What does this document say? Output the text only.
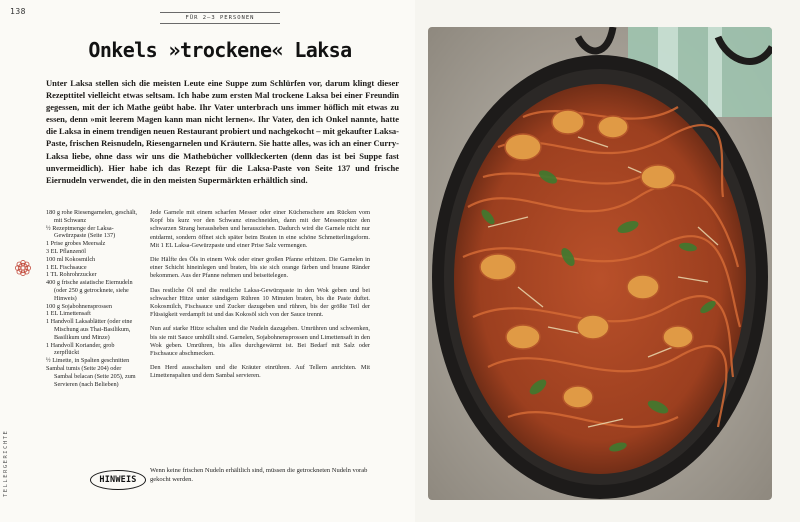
138
FÜR 2–3 PERSONEN
Onkels »trockene« Laksa

Unter Laksa stellen sich die meisten Leute eine Suppe zum Schlürfen vor, darum klingt dieser Rezepttitel vielleicht etwas seltsam. Ich habe zum ersten Mal trockene Laksa bei einer Freundin gegessen, mit der ich Mathe geübt habe. Ihr Vater unterbrach uns immer höflich mit etwas zu essen, denn »mit leerem Magen kann man nicht lernen«. Ihr Vater, den ich Onkel nannte, hatte die Laksa in einem trendigen neuen Restaurant probiert und nachgekocht – mit gekaufter Laksa-Paste, frischen Reisnudeln, Riesengarnelen und Kräutern. Sie hatte alles, was ich an einer Curry-Laksa liebe, ohne dass wir uns die Mathebücher vollkleckerten (denn das ist bei Suppe fast unvermeidlich). Hier habe ich das Rezept für die Laksa-Paste von Seite 137 und frische Eiernudeln verwendet, die in den meisten Supermärkten erhältlich sind.

180 g rohe Riesengarnelen, geschält, mit Schwanz
½ Rezeptmenge der Laksa-Gewürzpaste (Seite 137)
1 Prise grobes Meersalz
3 EL Pflanzenöl
100 ml Kokosmilch
1 EL Fischsauce
1 TL Rohrohrzucker
400 g frische asiatische Eiernudeln (oder 250 g getrocknete, siehe Hinweis)
100 g Sojabohnensprossen
1 EL Limettensaft
1 Handvoll Laksablätter (oder eine Mischung aus Thai-Basilikum, Basilikum und Minze)
1 Handvoll Koriander, grob zerpflückt
½ Limette, in Spalten geschnitten
Sambal tumis (Seite 204) oder Sambal belacan (Seite 205), zum Servieren (nach Belieben)

Jede Garnele mit einem scharfen Messer oder einer Küchenschere am Rücken vom Kopf bis kurz vor den Schwanz einschneiden, dann mit der Messerspitze den schwarzen Strang herausheben und herausziehen. Dadurch wird die Garnele nicht nur entdarmt, sondern öffnet sich später beim Braten in eine schöne Schmetterlingsform. Mit 1 EL Laksa-Gewürzpaste und einer Prise Salz vermengen.

Die Hälfte des Öls in einem Wok oder einer großen Pfanne erhitzen. Die Garnelen in einer Schicht hineinlegen und braten, bis sie sich orange färben und braune Ränder bekommen. Aus der Pfanne nehmen und beiseitelegen.

Das restliche Öl und die restliche Laksa-Gewürzpaste in den Wok geben und bei schwacher Hitze unter ständigem Rühren 10 Minuten braten, bis die Paste duftet. Kokosmilch, Fischsauce und Zucker dazugeben und rühren, bis der größte Teil der Flüssigkeit verdampft ist und das Kokosöl sich von der Sauce trennt.

Nun auf starke Hitze schalten und die Nudeln dazugeben. Umrühren und schwenken, bis sie mit Sauce umhüllt sind. Garnelen, Sojabohnensprossen und Limettensaft in den Wok geben. Umrühren, bis alles durchgewärmt ist. Bei Bedarf mit Salz oder Fischsauce abschmecken.

Den Herd ausschalten und die Kräuter einrühren. Auf Tellern anrichten. Mit Limettenspalten und dem Sambal servieren.

HINWEIS

Wenn keine frischen Nudeln erhältlich sind, müssen die getrockneten Nudeln vorab gekocht werden.

TELLERGERICHTE
